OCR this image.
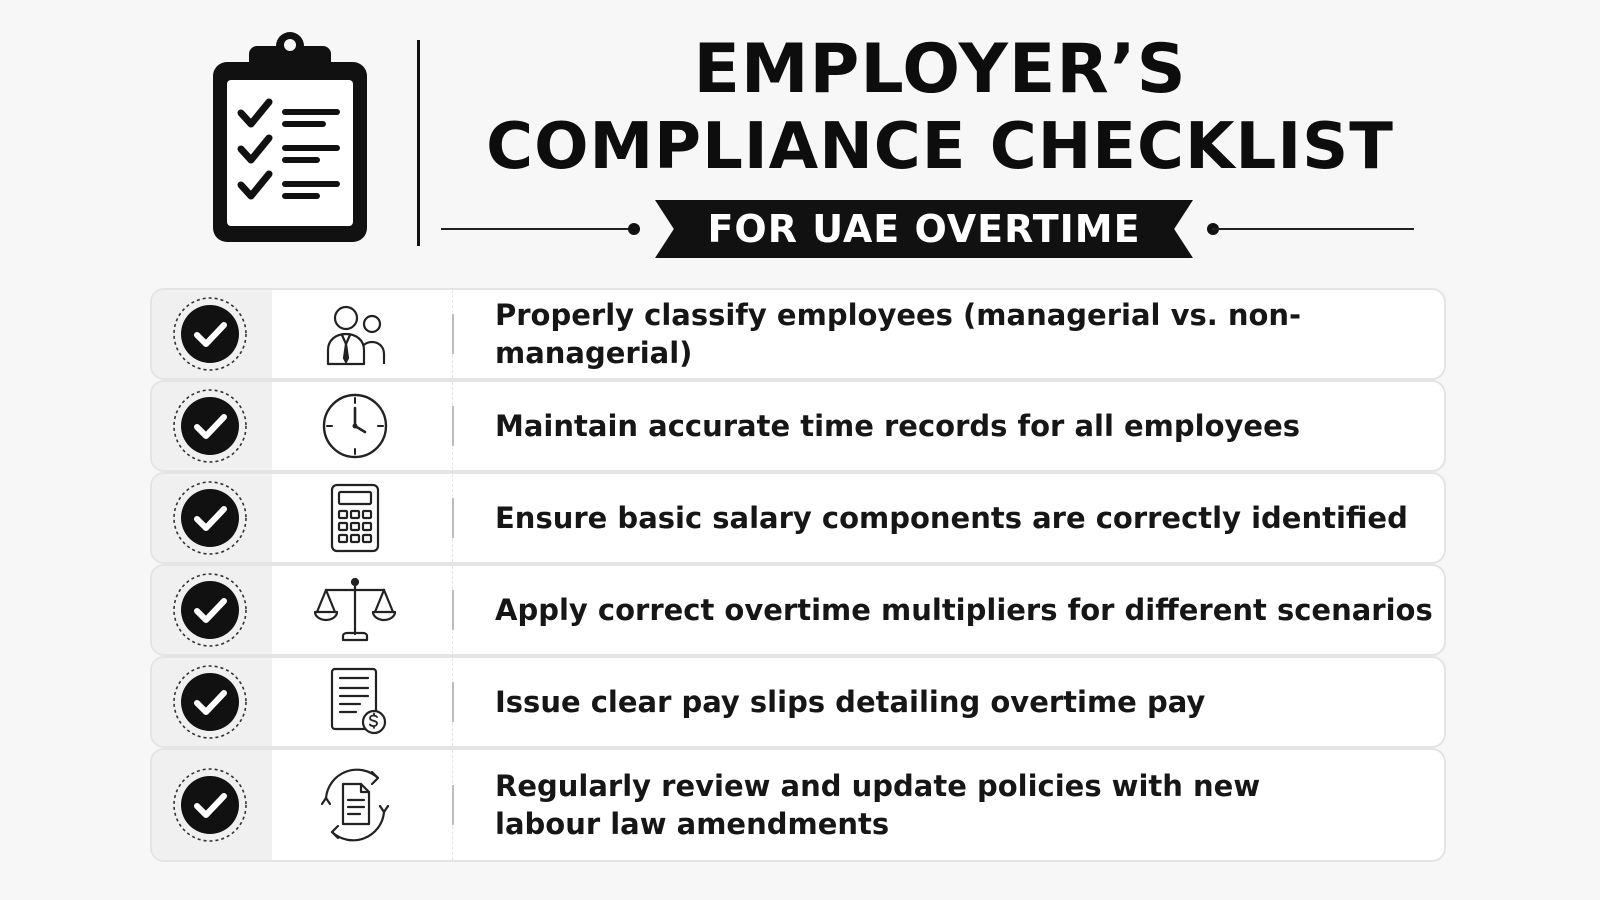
EMPLOYER’S
COMPLIANCE CHECKLIST
FOR UAE OVERTIME
Properly classify employees (managerial vs. non-managerial)
Maintain accurate time records for all employees
Ensure basic salary components are correctly identified
Apply correct overtime multipliers for different scenarios
Issue clear pay slips detailing overtime pay
Regularly review and update policies with new
labour law amendments
